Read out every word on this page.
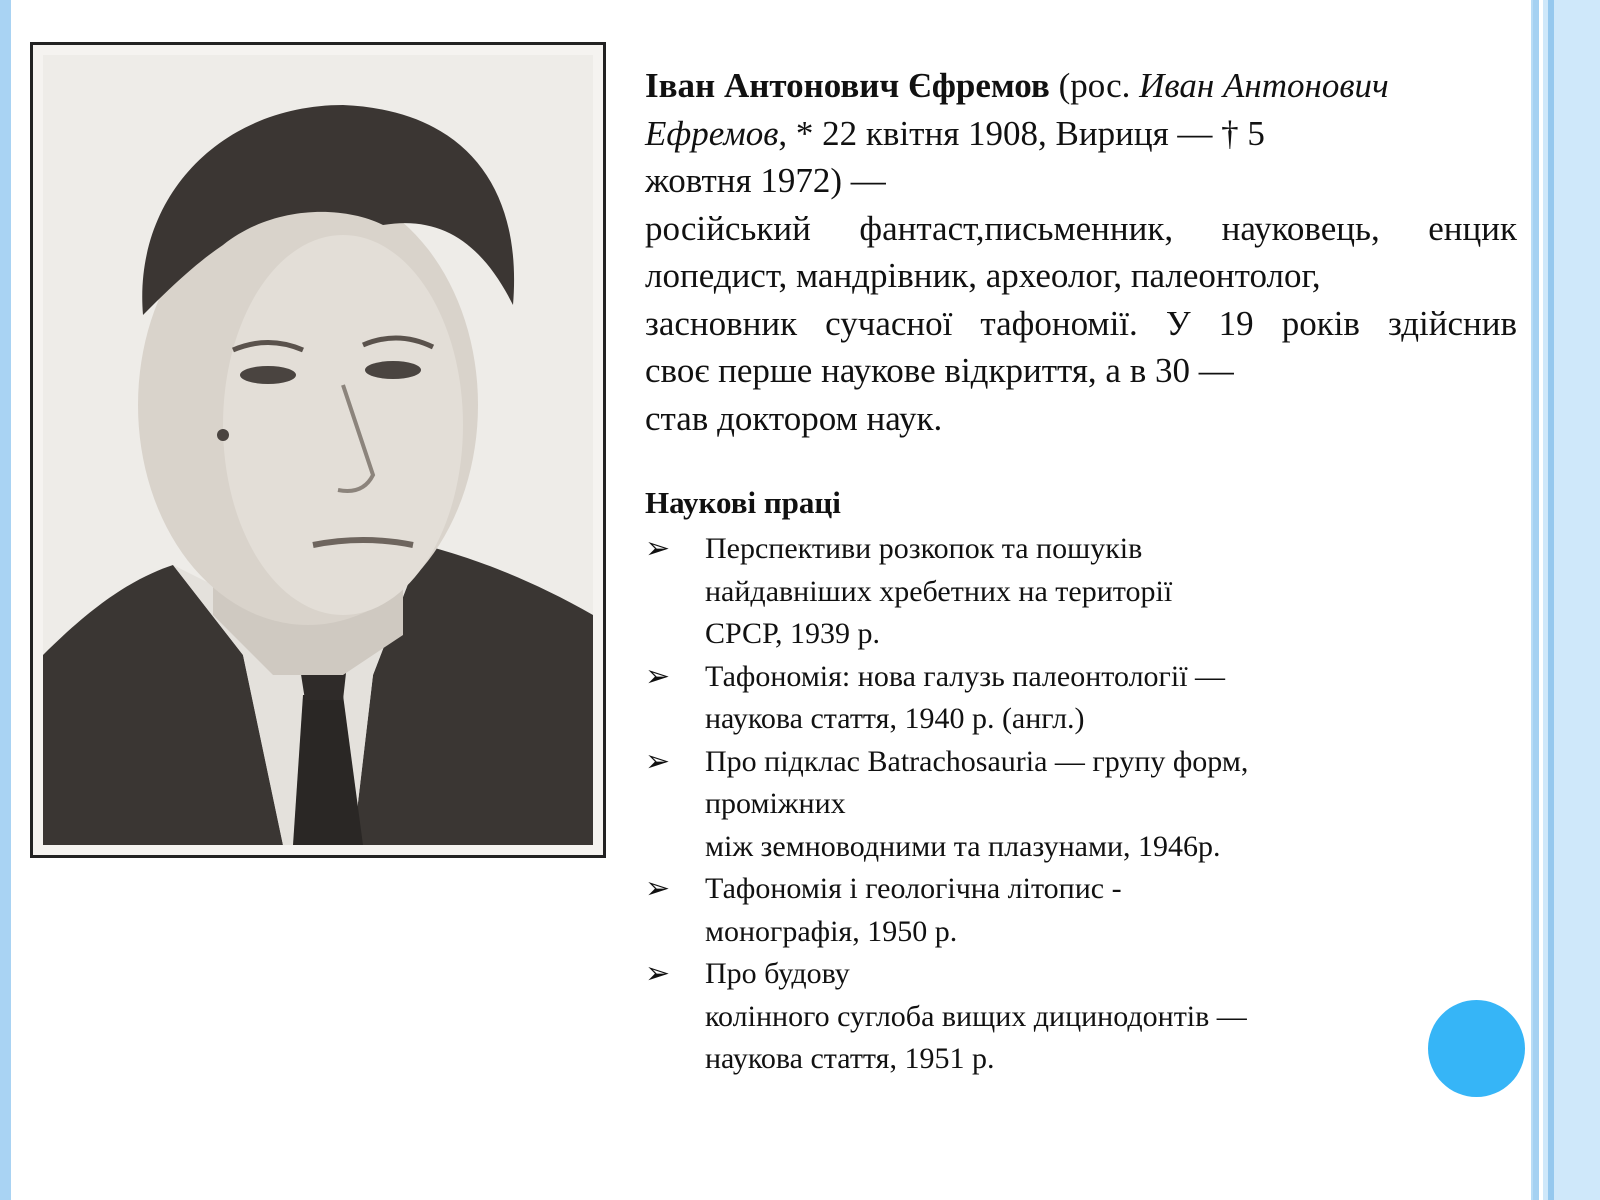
Іван Антонович Єфремов (рос. Иван Антонович
Ефремов, * 22 квітня 1908, Вириця — † 5
жовтня 1972) —
російський фантаст,письменник, науковець, енцик
лопедист, мандрівник, археолог, палеонтолог,
засновник сучасної тафономії. У 19 років здійснив
своє перше наукове відкриття, а в 30 —
став доктором наук.
Наукові праці
➢ Перспективи розкопок та пошуків
найдавніших хребетних на території
СРСР, 1939 р.
➢ Тафономія: нова галузь палеонтології —
наукова стаття, 1940 р. (англ.)
➢ Про підклас Batrachosauria — групу форм,
проміжних
між земноводними та плазунами, 1946р.
➢ Тафономія і геологічна літопис -
монографія, 1950 р.
➢ Про будову
колінного суглоба вищих дицинодонтів —
наукова стаття, 1951 р.
